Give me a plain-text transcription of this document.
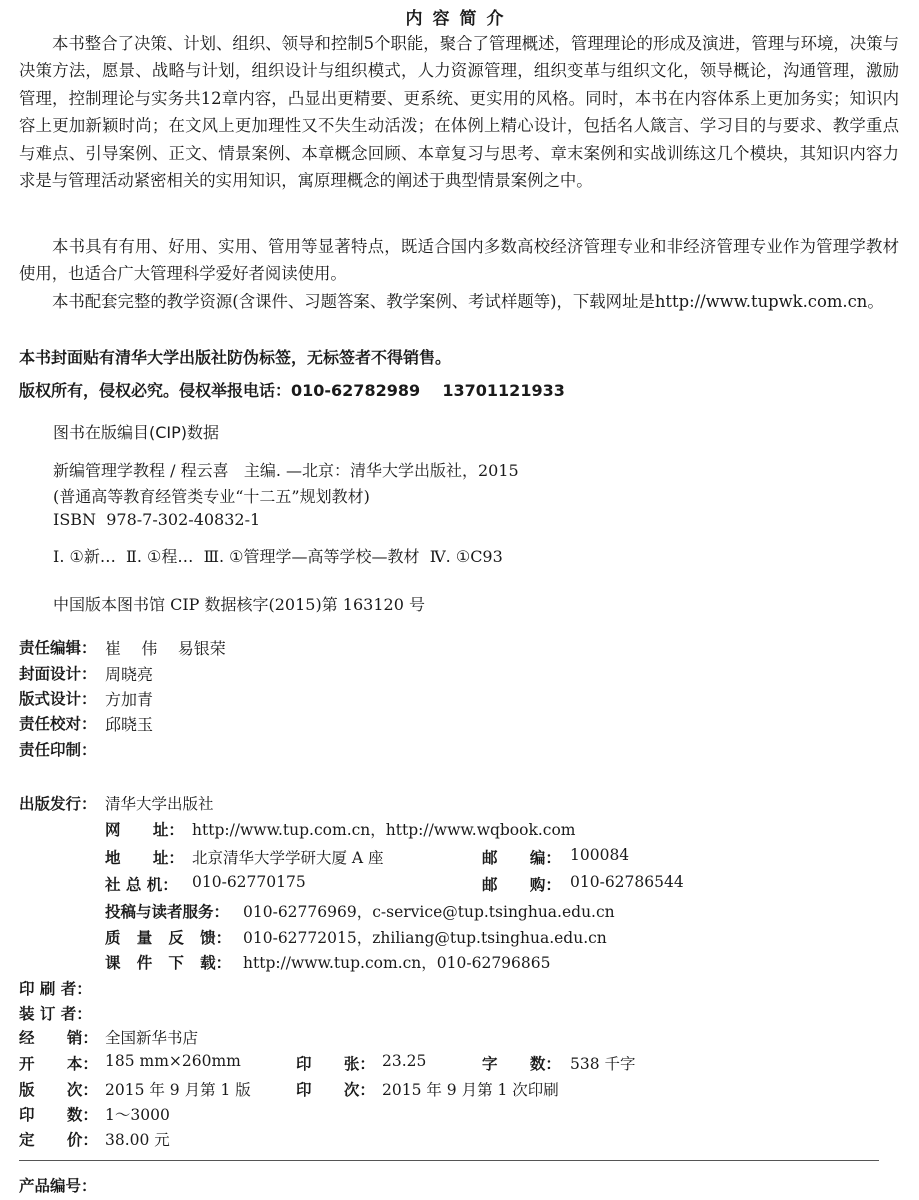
内容简介
本书整合了决策、计划、组织、领导和控制5个职能，聚合了管理概述，管理理论的形成及演进，管理与环境，决策与决策方法，愿景、战略与计划，组织设计与组织模式，人力资源管理，组织变革与组织文化，领导概论，沟通管理，激励管理，控制理论与实务共12章内容，凸显出更精要、更系统、更实用的风格。同时，本书在内容体系上更加务实；知识内容上更加新颖时尚；在文风上更加理性又不失生动活泼；在体例上精心设计，包括名人箴言、学习目的与要求、教学重点与难点、引导案例、正文、情景案例、本章概念回顾、本章复习与思考、章末案例和实战训练这几个模块，其知识内容力求是与管理活动紧密相关的实用知识，寓原理概念的阐述于典型情景案例之中。
本书具有有用、好用、实用、管用等显著特点，既适合国内多数高校经济管理专业和非经济管理专业作为管理学教材使用，也适合广大管理科学爱好者阅读使用。
本书配套完整的教学资源(含课件、习题答案、教学案例、考试样题等)，下载网址是http://www.tupwk.com.cn。
本书封面贴有清华大学出版社防伪标签，无标签者不得销售。
版权所有，侵权必究。侵权举报电话：010-62782989    13701121933
图书在版编目(CIP)数据
新编管理学教程 / 程云喜   主编. —北京：清华大学出版社，2015
(普通高等教育经管类专业“十二五”规划教材)
ISBN  978-7-302-40832-1
Ⅰ. ①新…  Ⅱ. ①程…  Ⅲ. ①管理学—高等学校—教材  Ⅳ. ①C93
中国版本图书馆 CIP 数据核字(2015)第 163120 号
责任编辑： 崔    伟    易银荣
封面设计： 周晓亮
版式设计： 方加青
责任校对： 邱晓玉
责任印制：
出版发行： 清华大学出版社
网      址： http://www.tup.com.cn，http://www.wqbook.com
地      址： 北京清华大学学研大厦 A 座	邮      编： 100084
社 总 机： 010-62770175	邮      购： 010-62786544
投稿与读者服务： 010-62776969，c-service@tup.tsinghua.edu.cn
质   量   反   馈： 010-62772015，zhiliang@tup.tsinghua.edu.cn
课   件   下   载： http://www.tup.com.cn，010-62796865
印 刷 者：
装 订 者：
经      销： 全国新华书店
开      本： 185 mm×260mm	印      张： 23.25	字      数： 538 千字
版      次： 2015 年 9 月第 1 版	印      次： 2015 年 9 月第 1 次印刷
印      数： 1～3000
定      价： 38.00 元
产品编号：
